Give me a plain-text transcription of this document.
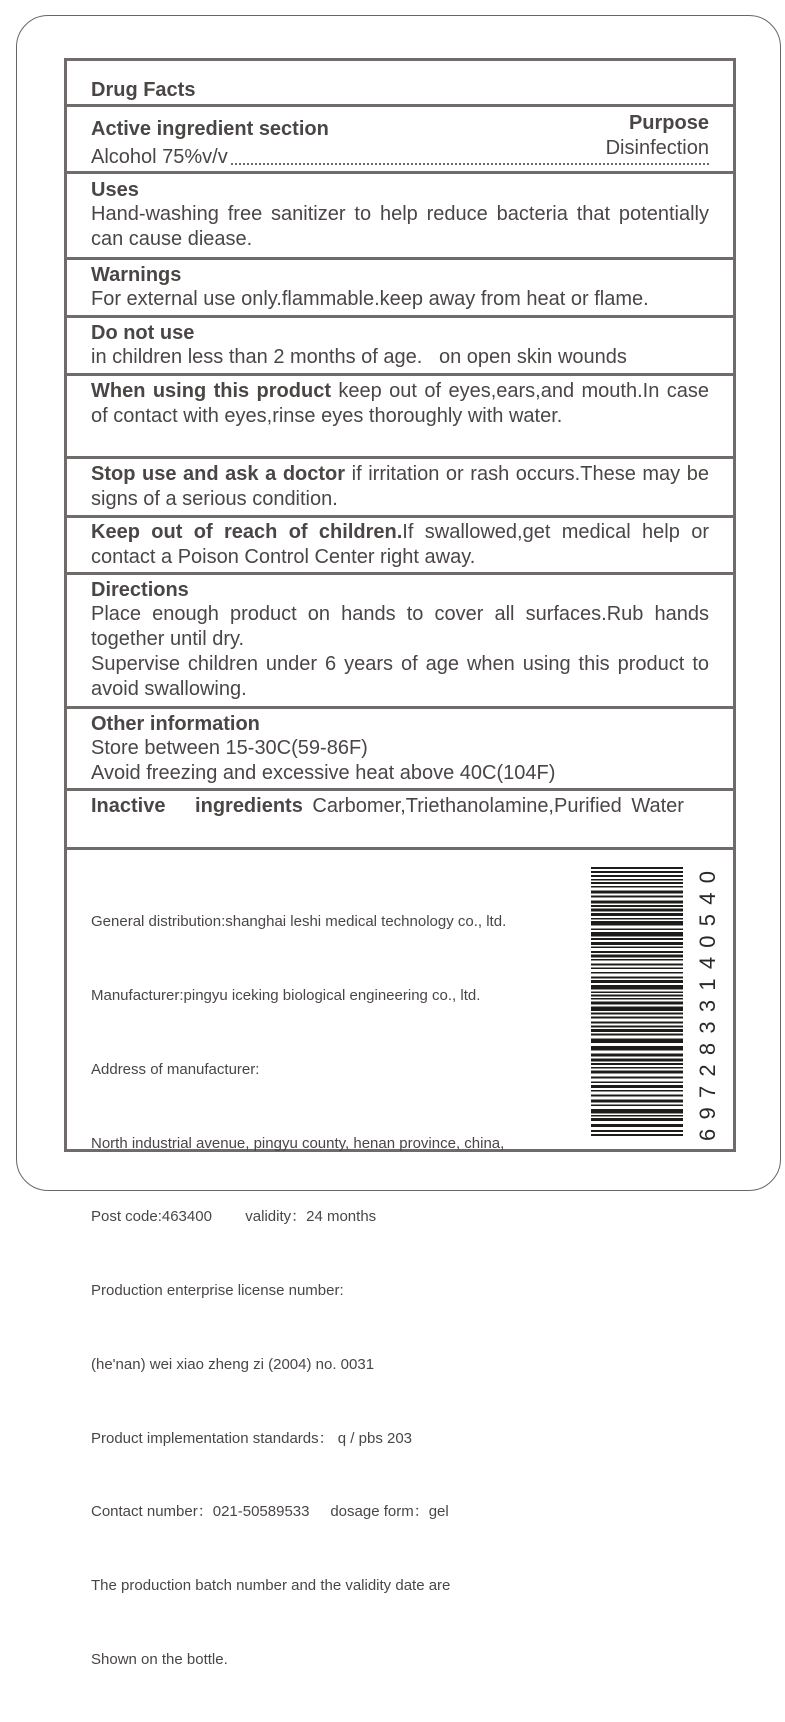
Drug Facts
Active ingredient section	Purpose
Alcohol 75%v/v	Disinfection
Uses
Hand-washing free sanitizer to help reduce bacteria that potentially can cause diease.
Warnings
For external use only.flammable.keep away from heat or flame.
Do not use
in children less than 2 months of age.   on open skin wounds
When using this product keep out of eyes,ears,and mouth.In case of contact with eyes,rinse eyes thoroughly with water.
Stop use and ask a doctor if irritation or rash occurs.These may be signs of a serious condition.
Keep out of reach of children.If swallowed,get medical help or contact a Poison Control Center right away.
Directions
Place enough product on hands to cover all surfaces.Rub hands together until dry.
Supervise children under 6 years of age when using this product to avoid swallowing.
Other information
Store between 15-30C(59-86F)
Avoid freezing and excessive heat above 40C(104F)
Inactive ingredients Carbomer,Triethanolamine,Purified Water

General distribution:shanghai leshi medical technology co., ltd.

Manufacturer:pingyu iceking biological engineering co., ltd.

Address of manufacturer:

North industrial avenue, pingyu county, henan province, china,

Post code:463400        validity：24 months

Production enterprise license number:

(he'nan) wei xiao zheng zi (2004) no. 0031

Product implementation standards： q / pbs 203

Contact number：021-50589533     dosage form：gel

The production batch number and the validity date are

Shown on the bottle.

6972833140540
